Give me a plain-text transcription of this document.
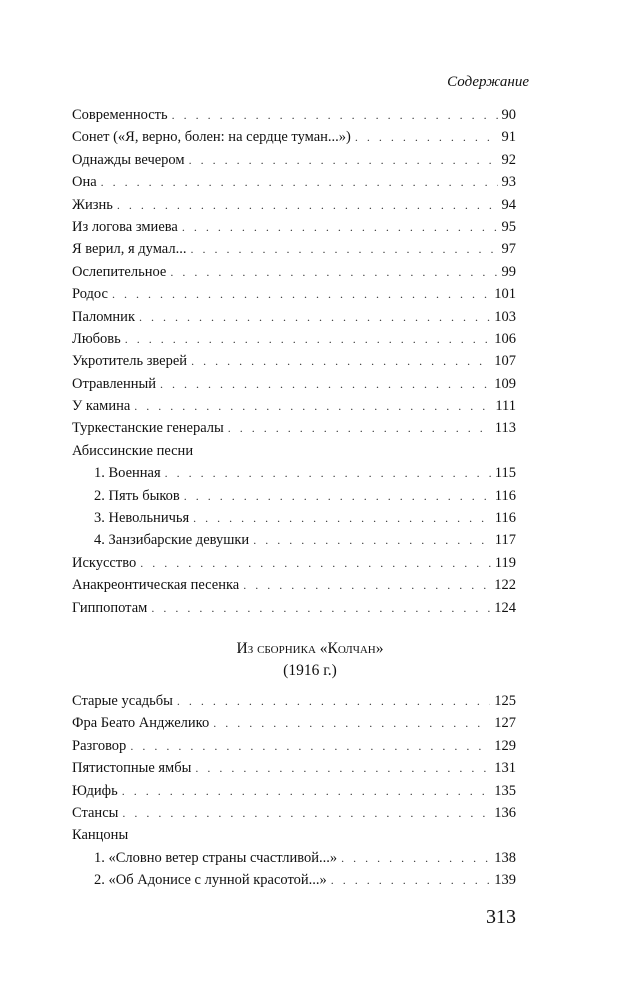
Содержание
Современность . . .	90
Сонет («Я, верно, болен: на сердце туман...») . . .	91
Однажды вечером . . .	92
Она . . .	93
Жизнь . . .	94
Из логова змиева . . .	95
Я верил, я думал... . . .	97
Ослепительное . . .	99
Родос . . .	101
Паломник . . .	103
Любовь . . .	106
Укротитель зверей . . .	107
Отравленный . . .	109
У камина . . .	111
Туркестанские генералы . . .	113
Абиссинские песни
1. Военная . . .	115
2. Пять быков . . .	116
3. Невольничья . . .	116
4. Занзибарские девушки . . .	117
Искусство . . .	119
Анакреонтическая песенка . . .	122
Гиппопотам . . .	124
Из сборника «Колчан»
(1916 г.)
Старые усадьбы . . .	125
Фра Беато Анджелико . . .	127
Разговор . . .	129
Пятистопные ямбы . . .	131
Юдифь . . .	135
Стансы . . .	136
Канцоны
1. «Словно ветер страны счастливой...» . . .	138
2. «Об Адонисе с лунной красотой...» . . .	139
313
